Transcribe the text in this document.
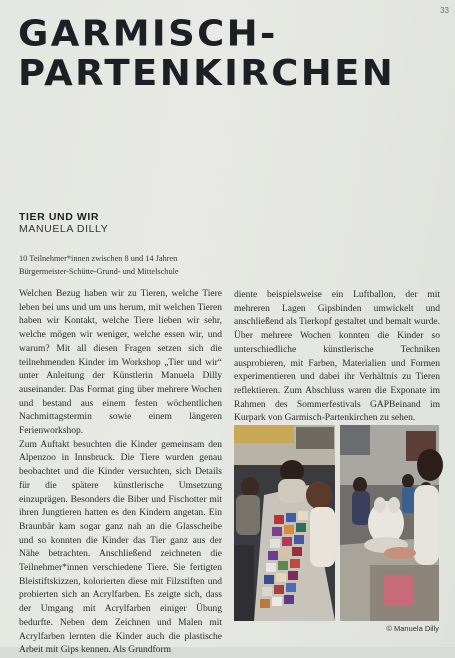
33
GARMISCH-
PARTENKIRCHEN
TIER UND WIR
MANUELA DILLY
10 Teilnehmer*innen zwischen 8 und 14 Jahren
Bürgermeister-Schütte-Grund- und Mittelschule

Welchen Bezug haben wir zu Tieren, welche Tiere leben bei uns und um uns herum, mit welchen Tieren haben wir Kontakt, welche Tiere lieben wir sehr, welche mögen wir weniger, welche essen wir, und warum? Mit all diesen Fragen setzen sich die teilnehmenden Kinder im Workshop „Tier und wir“ unter Anleitung der Künstlerin Manuela Dilly auseinander. Das Format ging über mehrere Wochen und bestand aus einem festen wöchentlichen Nachmittagstermin sowie einem längeren Ferienworkshop.

Zum Auftakt besuchten die Kinder gemeinsam den Alpenzoo in Innsbruck. Die Tiere wurden genau beobachtet und die Kinder versuchten, sich Details für die spätere künstlerische Umsetzung einzuprägen. Besonders die Biber und Fischotter mit ihren Jungtieren hatten es den Kindern angetan. Ein Braunbär kam sogar ganz nah an die Glasscheibe und so konnten die Kinder das Tier ganz aus der Nähe betrachten. Anschließend zeichneten die Teilnehmer*innen verschiedene Tiere. Sie fertigten Bleistiftskizzen, kolorierten diese mit Filzstiften und probierten sich an Acrylfarben. Es zeigte sich, dass der Umgang mit Acrylfarben einiger Übung bedurfte. Neben dem Zeichnen und Malen mit Acrylfarben lernten die Kinder auch die plastische Arbeit mit Gips kennen. Als Grundform

diente beispielsweise ein Luftballon, der mit mehreren Lagen Gipsbinden umwickelt und anschließend als Tierkopf gestaltet und bemalt wurde. Über mehrere Wochen konnten die Kinder so unterschiedliche künstlerische Techniken ausprobieren, mit Farben, Materialien und Formen experimentieren und dabei ihr Verhältnis zu Tieren reflektieren. Zum Abschluss waren die Exponate im Rahmen des Sommerfestivals GAPBeinand im Kurpark von Garmisch-Partenkirchen zu sehen.

© Manuela Dilly
